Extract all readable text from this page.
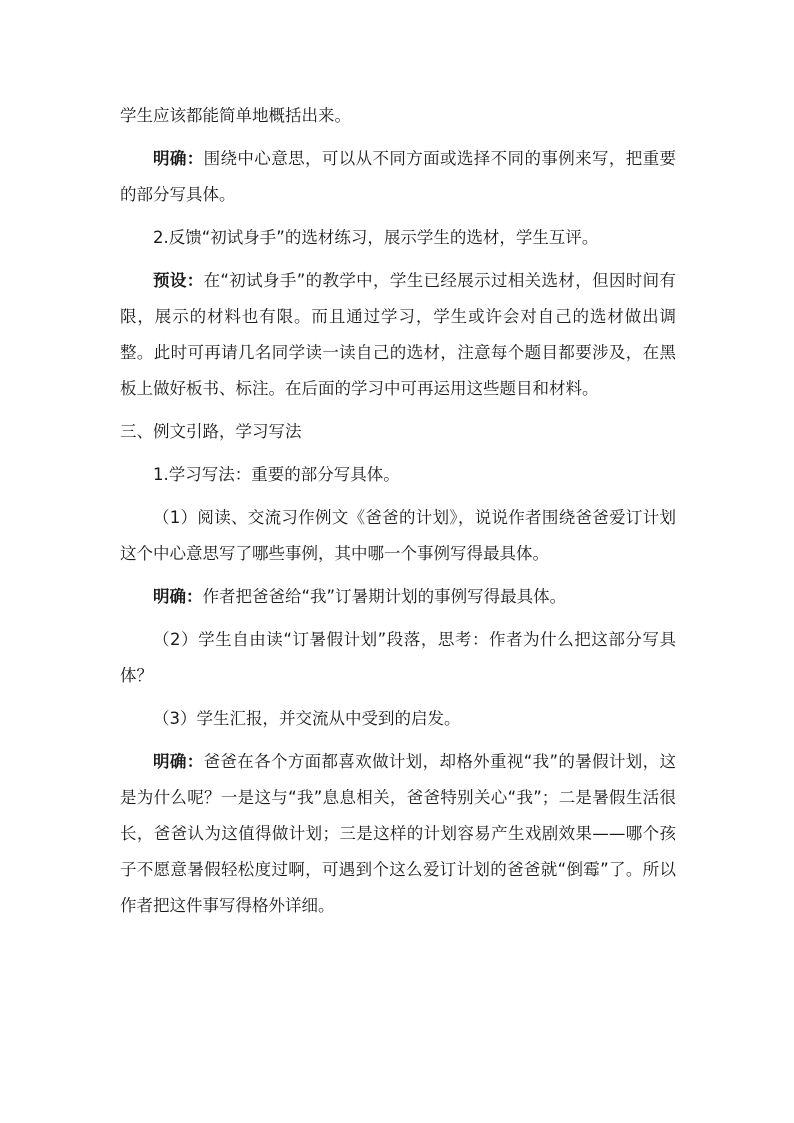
学生应该都能简单地概括出来。

明确：围绕中心意思，可以从不同方面或选择不同的事例来写，把重要的部分写具体。

2.反馈“初试身手”的选材练习，展示学生的选材，学生互评。

预设：在“初试身手”的教学中，学生已经展示过相关选材，但因时间有限，展示的材料也有限。而且通过学习，学生或许会对自己的选材做出调整。此时可再请几名同学读一读自己的选材，注意每个题目都要涉及，在黑板上做好板书、标注。在后面的学习中可再运用这些题目和材料。

三、例文引路，学习写法

1.学习写法：重要的部分写具体。

（1）阅读、交流习作例文《爸爸的计划》，说说作者围绕爸爸爱订计划这个中心意思写了哪些事例，其中哪一个事例写得最具体。

明确：作者把爸爸给“我”订暑期计划的事例写得最具体。

（2）学生自由读“订暑假计划”段落，思考：作者为什么把这部分写具体？

（3）学生汇报，并交流从中受到的启发。

明确：爸爸在各个方面都喜欢做计划，却格外重视“我”的暑假计划，这是为什么呢？一是这与“我”息息相关，爸爸特别关心“我”；二是暑假生活很长，爸爸认为这值得做计划；三是这样的计划容易产生戏剧效果——哪个孩子不愿意暑假轻松度过啊，可遇到个这么爱订计划的爸爸就“倒霉”了。所以作者把这件事写得格外详细。
